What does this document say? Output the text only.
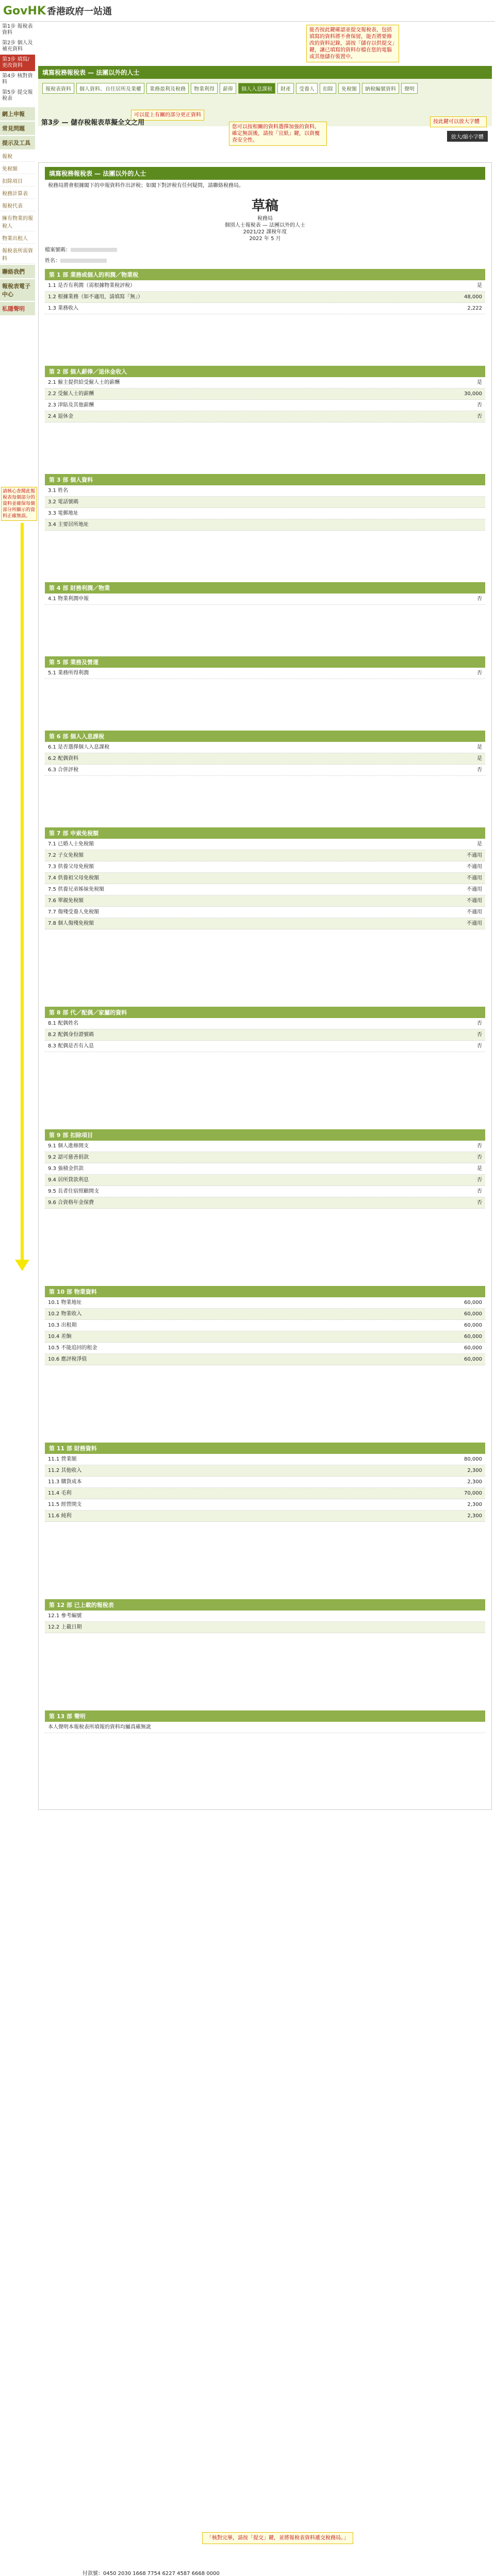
GovHK 香港政府一站通
第1步 報稅表資料
第2步 個人及補充資料
第3步 填寫/更改資料
第4步 核對資料
第5步 提交報稅表
網上申報
常見問題
提示及工具
報稅
免稅額
扣除項目
稅務計算表
報稅代表
擁有物業的報稅人
物業出租人
報稅表所需資料
聯絡我們
報稅表電子中心
私隱聲明
能否按此鍵確認並提交報稅表，包括填寫的資料將不會保留，能否將要修改的資料記錄，請按「儲存以供提交」鍵，讓已填寫的資料存檔在您的電腦或其他儲存裝置中。
填寫稅務報稅表 — 法團以外的人士
報稅表資料 個人資料、自住居所及業權 業務盈利及稅務 物業利得 薪俸 個人入息課稅 財產 受養人 扣除 免稅額 納稅編號資料 聲明
可以從上有關的部分更正資料
第3步 — 儲存稅報表草擬全文之用
您可以按相關的資料選擇加強的資料，確定無誤後，請按「宣紙」鍵，以資覆查安全性。
按此鍵可以放大字體
放大/縮小字體
填寫稅務報稅表 — 法團以外的人士
稅務局將會根據閣下的申報資料作出評稅；如閣下對評稅有任何疑問，請聯絡稅務局。
草稿
稅務局
個別人士報稅表 — 法團以外的人士
2021/22 課稅年度
2022 年 5 月
檔案號碼：
姓名：
第 1 部 業務或個人的利潤／物業稅
1.1 是否有利潤（需根據物業稅評稅）	是
1.2 根據業務（如不適用，請填寫「無」）	48,000
1.3 業務收入	2,222
第 2 部 個人薪俸／退休金收入
2.1 僱主提供給受僱人士的薪酬	是
2.2 受僱人士的薪酬	30,000
2.3 津貼及其他薪酬	否
2.4 退休金	否
第 3 部 個人資料
3.1 姓名
3.2 電話號碼
3.3 電郵地址
3.4 主要居所地址
第 4 部 財務利潤／物業
4.1 物業利潤申報	否
第 5 部 業務及營運
5.1 業務所得利潤	否
第 6 部 個人入息課稅
6.1 是否選擇個人入息課稅	是
6.2 配偶資料	是
6.3 合併評稅	否
第 7 部 申索免稅額
7.1 已婚人士免稅額	是
7.2 子女免稅額	不適用
7.3 供養父母免稅額	不適用
7.4 供養祖父母免稅額	不適用
7.5 供養兄弟姊妹免稅額	不適用
7.6 單親免稅額	不適用
7.7 傷殘受養人免稅額	不適用
7.8 個人傷殘免稅額	不適用
第 8 部 代／配偶／家屬的資料
8.1 配偶姓名	否
8.2 配偶身份證號碼	否
8.3 配偶是否有入息	否
第 9 部 扣除項目
9.1 個人進修開支	否
9.2 認可慈善捐款	否
9.3 強積金供款	是
9.4 居所貸款利息	否
9.5 長者住宿照顧開支	否
9.6 合資格年金保費	否
第 10 部 物業資料
10.1 物業地址	60,000
10.2 物業收入	60,000
10.3 出租期	60,000
10.4 差餉	60,000
10.5 不能追回的租金	60,000
10.6 應評稅淨值	60,000
第 11 部 財務資料
11.1 營業額	80,000
11.2 其他收入	2,300
11.3 購貨成本	2,300
11.4 毛利	70,000
11.5 經營開支	2,300
11.6 純利	2,300
第 12 部 已上載的報稅表
12.1 參考編號
12.2 上載日期
第 13 部 聲明
本人聲明本報稅表所填報的資料均屬真確無訛
請核心查閱此報稅表每個部分的資料並確保每個部分所顯示的資料正確無誤。
「核對完畢，請按「提交」鍵，並將報稅表資料遞交稅務局。」
付款號：0450 2030 1668 7754 6227 4587 6668 0000
